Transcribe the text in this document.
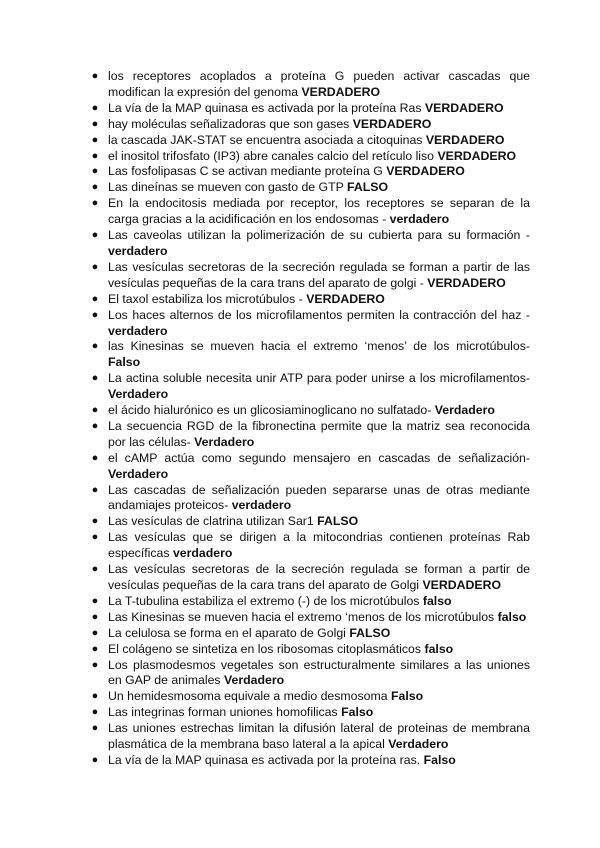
● los receptores acoplados a proteína G pueden activar cascadas que modifican la expresión del genoma VERDADERO
● La vía de la MAP quinasa es activada por la proteína Ras VERDADERO
● hay moléculas señalizadoras que son gases VERDADERO
● la cascada JAK-STAT se encuentra asociada a citoquinas VERDADERO
● el inositol trifosfato (IP3) abre canales calcio del retículo liso VERDADERO
● Las fosfolipasas C se activan mediante proteína G VERDADERO
● Las dineínas se mueven con gasto de GTP FALSO
● En la endocitosis mediada por receptor, los receptores se separan de la carga gracias a la acidificación en los endosomas - verdadero
● Las caveolas utilizan la polimerización de su cubierta para su formación - verdadero
● Las vesículas secretoras de la secreción regulada se forman a partir de las vesículas pequeñas de la cara trans del aparato de golgi - VERDADERO
● El taxol estabiliza los microtúbulos - VERDADERO
● Los haces alternos de los microfilamentos permiten la contracción del haz - verdadero
● las Kinesinas se mueven hacia el extremo ‘menos’ de los microtúbulos- Falso
● La actina soluble necesita unir ATP para poder unirse a los microfilamentos- Verdadero
● el ácido hialurónico es un glicosiaminoglicano no sulfatado- Verdadero
● La secuencia RGD de la fibronectina permite que la matriz sea reconocida por las células- Verdadero
● el cAMP actúa como segundo mensajero en cascadas de señalización- Verdadero
● Las cascadas de señalización pueden separarse unas de otras mediante andamiajes proteicos- verdadero
● Las vesículas de clatrina utilizan Sar1 FALSO
● Las vesículas que se dirigen a la mitocondrias contienen proteínas Rab específicas verdadero
● Las vesículas secretoras de la secreción regulada se forman a partir de vesículas pequeñas de la cara trans del aparato de Golgi VERDADERO
● La T-tubulina estabiliza el extremo (-) de los microtúbulos falso
● Las Kinesinas se mueven hacia el extremo ‘menos de los microtúbulos falso
● La celulosa se forma en el aparato de Golgi FALSO
● El colágeno se sintetiza en los ribosomas citoplasmáticos falso
● Los plasmodesmos vegetales son estructuralmente similares a las uniones en GAP de animales Verdadero
● Un hemidesmosoma equivale a medio desmosoma Falso
● Las integrinas forman uniones homofilicas Falso
● Las uniones estrechas limitan la difusión lateral de proteinas de membrana plasmática de la membrana baso lateral a la apical Verdadero
● La vía de la MAP quinasa es activada por la proteína ras. Falso
